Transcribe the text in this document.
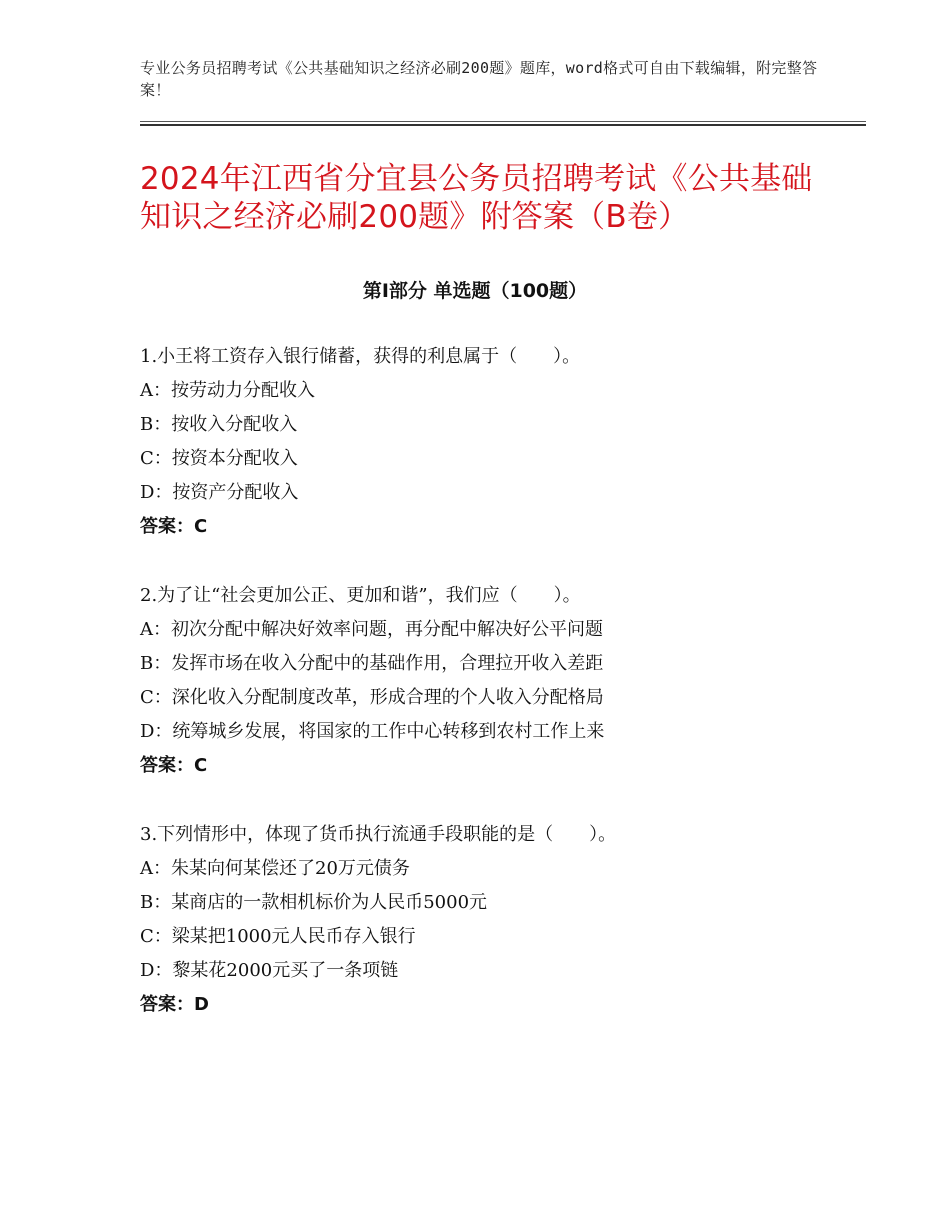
专业公务员招聘考试《公共基础知识之经济必刷200题》题库，word格式可自由下载编辑，附完整答案！
2024年江西省分宜县公务员招聘考试《公共基础知识之经济必刷200题》附答案（B卷）
第Ⅰ部分 单选题（100题）
1.小王将工资存入银行储蓄，获得的利息属于（　　）。
A：按劳动力分配收入
B：按收入分配收入
C：按资本分配收入
D：按资产分配收入
答案：C
2.为了让“社会更加公正、更加和谐”，我们应（　　）。
A：初次分配中解决好效率问题，再分配中解决好公平问题
B：发挥市场在收入分配中的基础作用，合理拉开收入差距
C：深化收入分配制度改革，形成合理的个人收入分配格局
D：统筹城乡发展，将国家的工作中心转移到农村工作上来
答案：C
3.下列情形中，体现了货币执行流通手段职能的是（　　）。
A：朱某向何某偿还了20万元债务
B：某商店的一款相机标价为人民币5000元
C：梁某把1000元人民币存入银行
D：黎某花2000元买了一条项链
答案：D
